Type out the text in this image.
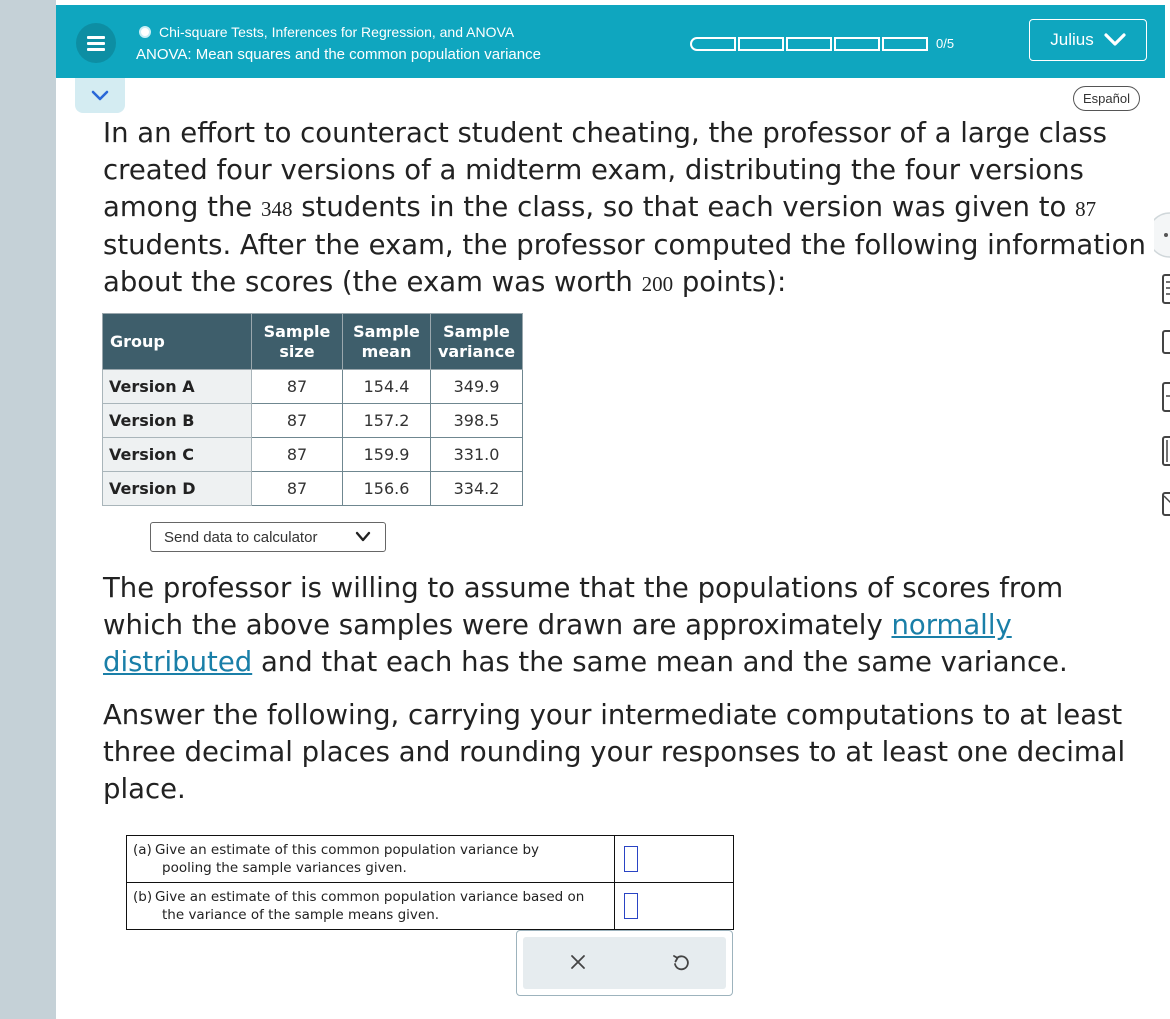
Chi-square Tests, Inferences for Regression, and ANOVA
ANOVA: Mean squares and the common population variance
0/5	Julius
Español
In an effort to counteract student cheating, the professor of a large class created four versions of a midterm exam, distributing the four versions among the 348 students in the class, so that each version was given to 87 students. After the exam, the professor computed the following information about the scores (the exam was worth 200 points):
Group	Sample size	Sample mean	Sample variance
Version A	87	154.4	349.9
Version B	87	157.2	398.5
Version C	87	159.9	331.0
Version D	87	156.6	334.2
Send data to calculator
The professor is willing to assume that the populations of scores from which the above samples were drawn are approximately normally distributed and that each has the same mean and the same variance.
Answer the following, carrying your intermediate computations to at least three decimal places and rounding your responses to at least one decimal place.
(a) Give an estimate of this common population variance by
pooling the sample variances given.	

(b) Give an estimate of this common population variance based on
the variance of the sample means given.	
